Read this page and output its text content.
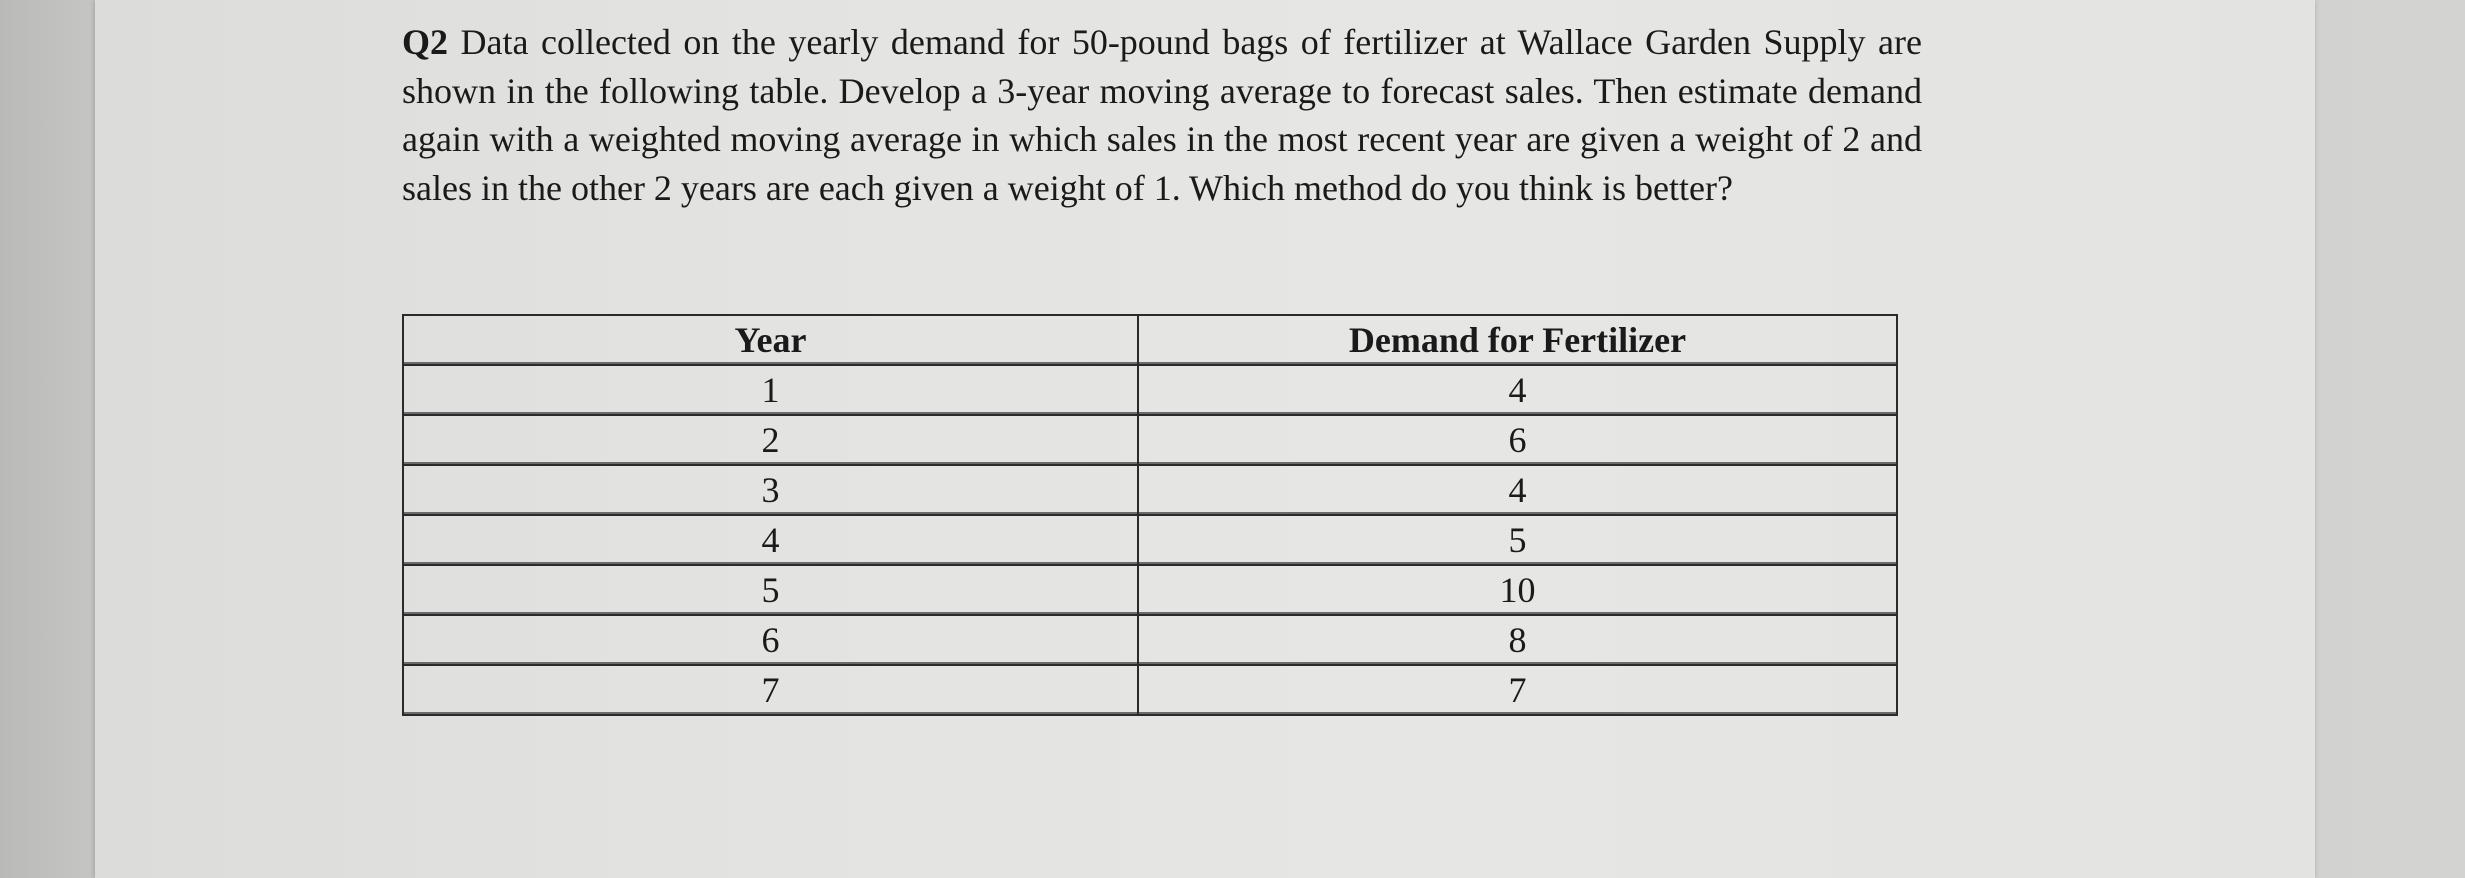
Q2 Data collected on the yearly demand for 50-pound bags of fertilizer at Wallace Garden Supply are shown in the following table. Develop a 3-year moving average to forecast sales. Then estimate demand again with a weighted moving average in which sales in the most recent year are given a weight of 2 and sales in the other 2 years are each given a weight of 1. Which method do you think is better?

Year	Demand for Fertilizer
1	4
2	6
3	4
4	5
5	10
6	8
7	7
